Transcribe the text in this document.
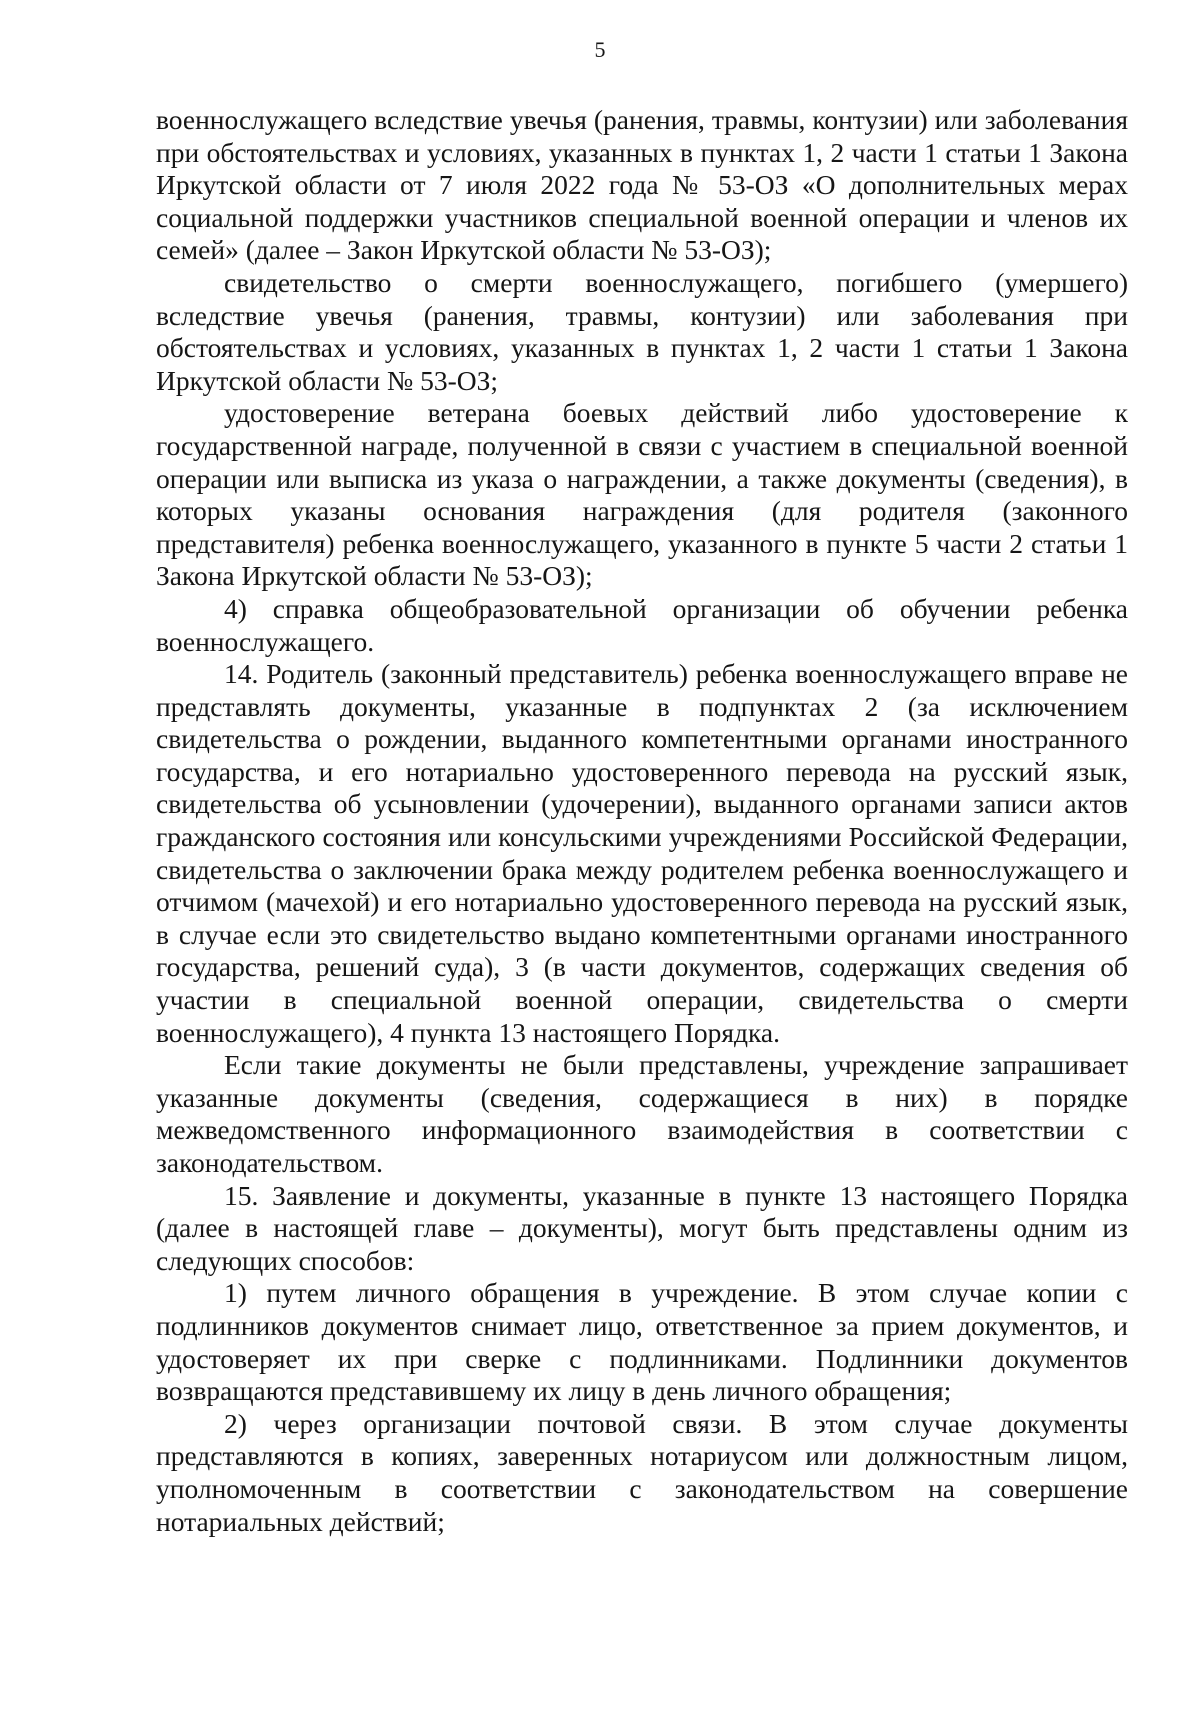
5

военнослужащего вследствие увечья (ранения, травмы, контузии) или заболевания при обстоятельствах и условиях, указанных в пунктах 1, 2 части 1 статьи 1 Закона Иркутской области от 7 июля 2022 года № 53-ОЗ «О дополнительных мерах социальной поддержки участников специальной военной операции и членов их семей» (далее – Закон Иркутской области № 53-ОЗ);

свидетельство о смерти военнослужащего, погибшего (умершего) вследствие увечья (ранения, травмы, контузии) или заболевания при обстоятельствах и условиях, указанных в пунктах 1, 2 части 1 статьи 1 Закона Иркутской области № 53-ОЗ;

удостоверение ветерана боевых действий либо удостоверение к государственной награде, полученной в связи с участием в специальной военной операции или выписка из указа о награждении, а также документы (сведения), в которых указаны основания награждения (для родителя (законного представителя) ребенка военнослужащего, указанного в пункте 5 части 2 статьи 1 Закона Иркутской области № 53-ОЗ);

4) справка общеобразовательной организации об обучении ребенка военнослужащего.

14. Родитель (законный представитель) ребенка военнослужащего вправе не представлять документы, указанные в подпунктах 2 (за исключением свидетельства о рождении, выданного компетентными органами иностранного государства, и его нотариально удостоверенного перевода на русский язык, свидетельства об усыновлении (удочерении), выданного органами записи актов гражданского состояния или консульскими учреждениями Российской Федерации, свидетельства о заключении брака между родителем ребенка военнослужащего и отчимом (мачехой) и его нотариально удостоверенного перевода на русский язык, в случае если это свидетельство выдано компетентными органами иностранного государства, решений суда), 3 (в части документов, содержащих сведения об участии в специальной военной операции, свидетельства о смерти военнослужащего), 4 пункта 13 настоящего Порядка.

Если такие документы не были представлены, учреждение запрашивает указанные документы (сведения, содержащиеся в них) в порядке межведомственного информационного взаимодействия в соответствии с законодательством.

15. Заявление и документы, указанные в пункте 13 настоящего Порядка (далее в настоящей главе – документы), могут быть представлены одним из следующих способов:

1) путем личного обращения в учреждение. В этом случае копии с подлинников документов снимает лицо, ответственное за прием документов, и удостоверяет их при сверке с подлинниками. Подлинники документов возвращаются представившему их лицу в день личного обращения;

2) через организации почтовой связи. В этом случае документы представляются в копиях, заверенных нотариусом или должностным лицом, уполномоченным в соответствии с законодательством на совершение нотариальных действий;
